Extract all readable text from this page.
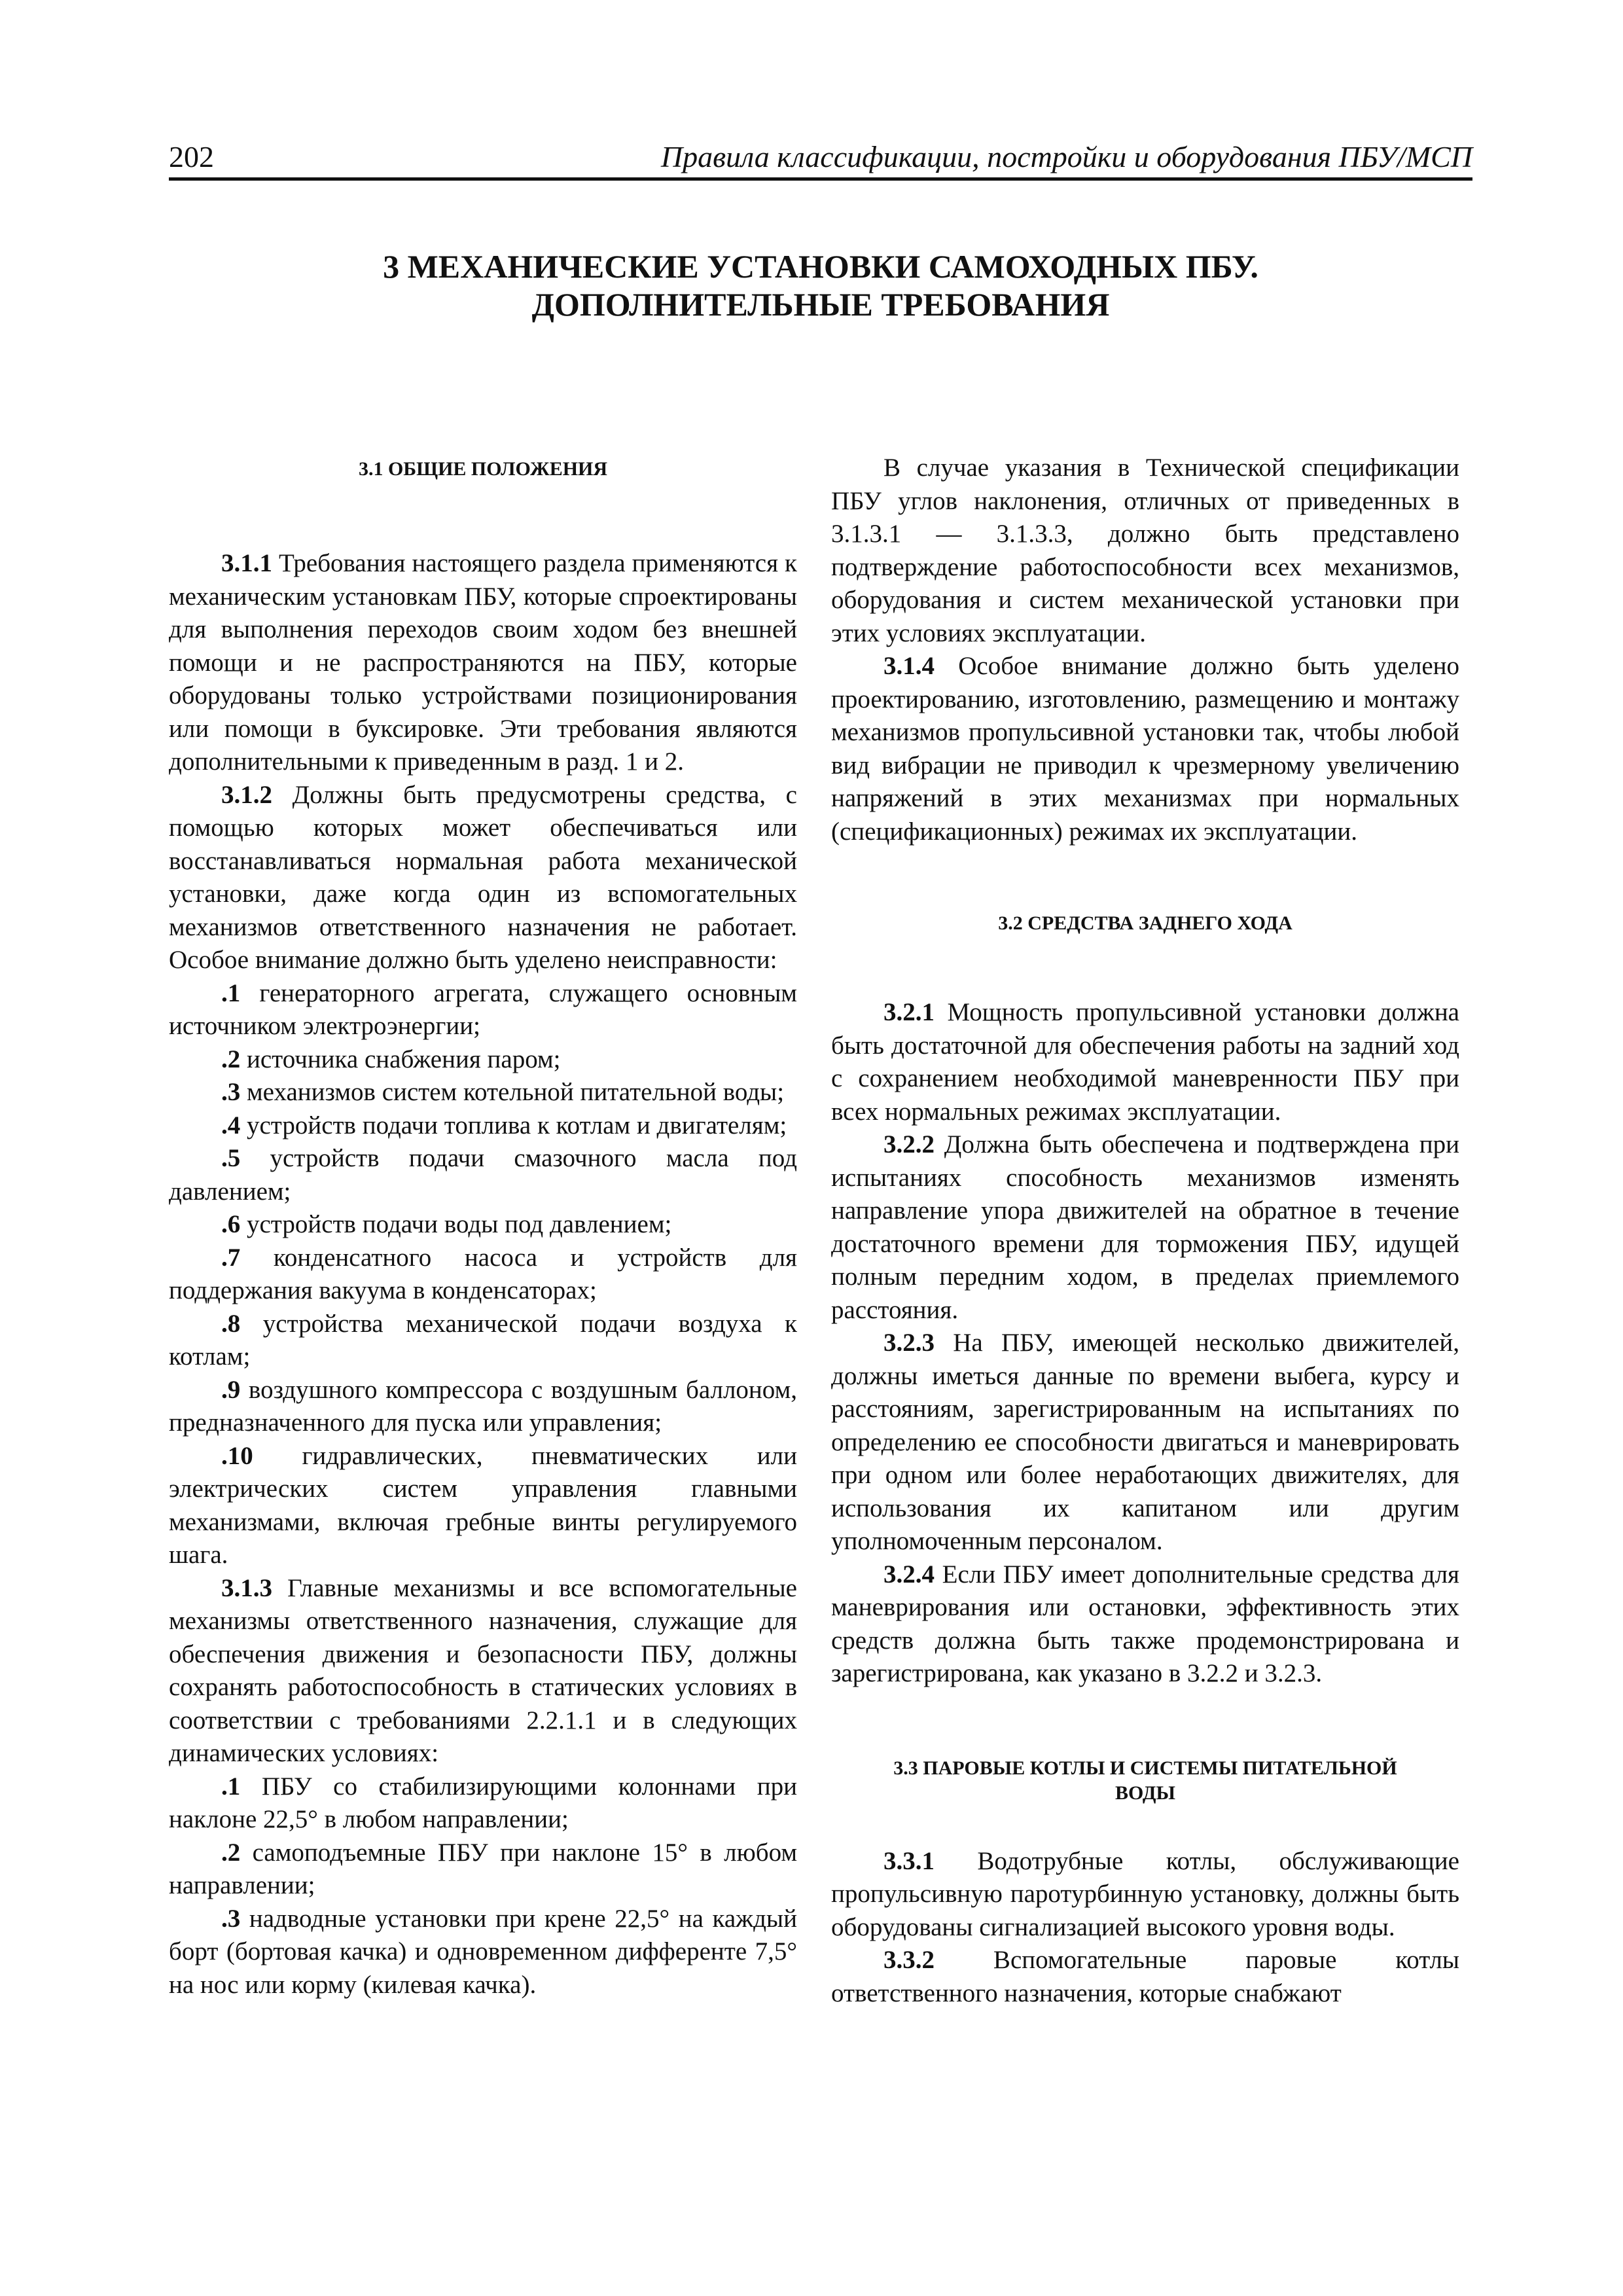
202	Правила классификации, постройки и оборудования ПБУ/МСП
3 МЕХАНИЧЕСКИЕ УСТАНОВКИ САМОХОДНЫХ ПБУ.
ДОПОЛНИТЕЛЬНЫЕ ТРЕБОВАНИЯ
3.1 ОБЩИЕ ПОЛОЖЕНИЯ

3.1.1 Требования настоящего раздела применяются к механическим установкам ПБУ, которые спроектированы для выполнения переходов своим ходом без внешней помощи и не распространяются на ПБУ, которые оборудованы только устройствами позиционирования или помощи в буксировке. Эти требования являются дополнительными к приведенным в разд. 1 и 2.

3.1.2 Должны быть предусмотрены средства, с помощью которых может обеспечиваться или восстанавливаться нормальная работа механической установки, даже когда один из вспомогательных механизмов ответственного назначения не работает. Особое внимание должно быть уделено неисправности:

.1 генераторного агрегата, служащего основным источником электроэнергии;

.2 источника снабжения паром;

.3 механизмов систем котельной питательной воды;

.4 устройств подачи топлива к котлам и двигателям;

.5 устройств подачи смазочного масла под давлением;

.6 устройств подачи воды под давлением;

.7 конденсатного насоса и устройств для поддержания вакуума в конденсаторах;

.8 устройства механической подачи воздуха к котлам;

.9 воздушного компрессора с воздушным баллоном, предназначенного для пуска или управления;

.10 гидравлических, пневматических или электрических систем управления главными механизмами, включая гребные винты регулируемого шага.

3.1.3 Главные механизмы и все вспомогательные механизмы ответственного назначения, служащие для обеспечения движения и безопасности ПБУ, должны сохранять работоспособность в статических условиях в соответствии с требованиями 2.2.1.1 и в следующих динамических условиях:

.1 ПБУ со стабилизирующими колоннами при наклоне 22,5° в любом направлении;

.2 самоподъемные ПБУ при наклоне 15° в любом направлении;

.3 надводные установки при крене 22,5° на каждый борт (бортовая качка) и одновременном дифференте 7,5° на нос или корму (килевая качка).

В случае указания в Технической спецификации ПБУ углов наклонения, отличных от приведенных в 3.1.3.1 — 3.1.3.3, должно быть представлено подтверждение работоспособности всех механизмов, оборудования и систем механической установки при этих условиях эксплуатации.

3.1.4 Особое внимание должно быть уделено проектированию, изготовлению, размещению и монтажу механизмов пропульсивной установки так, чтобы любой вид вибрации не приводил к чрезмерному увеличению напряжений в этих механизмах при нормальных (спецификационных) режимах их эксплуатации.

3.2 СРЕДСТВА ЗАДНЕГО ХОДА

3.2.1 Мощность пропульсивной установки должна быть достаточной для обеспечения работы на задний ход с сохранением необходимой маневренности ПБУ при всех нормальных режимах эксплуатации.

3.2.2 Должна быть обеспечена и подтверждена при испытаниях способность механизмов изменять направление упора движителей на обратное в течение достаточного времени для торможения ПБУ, идущей полным передним ходом, в пределах приемлемого расстояния.

3.2.3 На ПБУ, имеющей несколько движителей, должны иметься данные по времени выбега, курсу и расстояниям, зарегистрированным на испытаниях по определению ее способности двигаться и маневрировать при одном или более неработающих движителях, для использования их капитаном или другим уполномоченным персоналом.

3.2.4 Если ПБУ имеет дополнительные средства для маневрирования или остановки, эффективность этих средств должна быть также продемонстрирована и зарегистрирована, как указано в 3.2.2 и 3.2.3.

3.3 ПАРОВЫЕ КОТЛЫ И СИСТЕМЫ ПИТАТЕЛЬНОЙ
ВОДЫ

3.3.1 Водотрубные котлы, обслуживающие пропульсивную паротурбинную установку, должны быть оборудованы сигнализацией высокого уровня воды.

3.3.2 Вспомогательные паровые котлы ответственного назначения, которые снабжают
